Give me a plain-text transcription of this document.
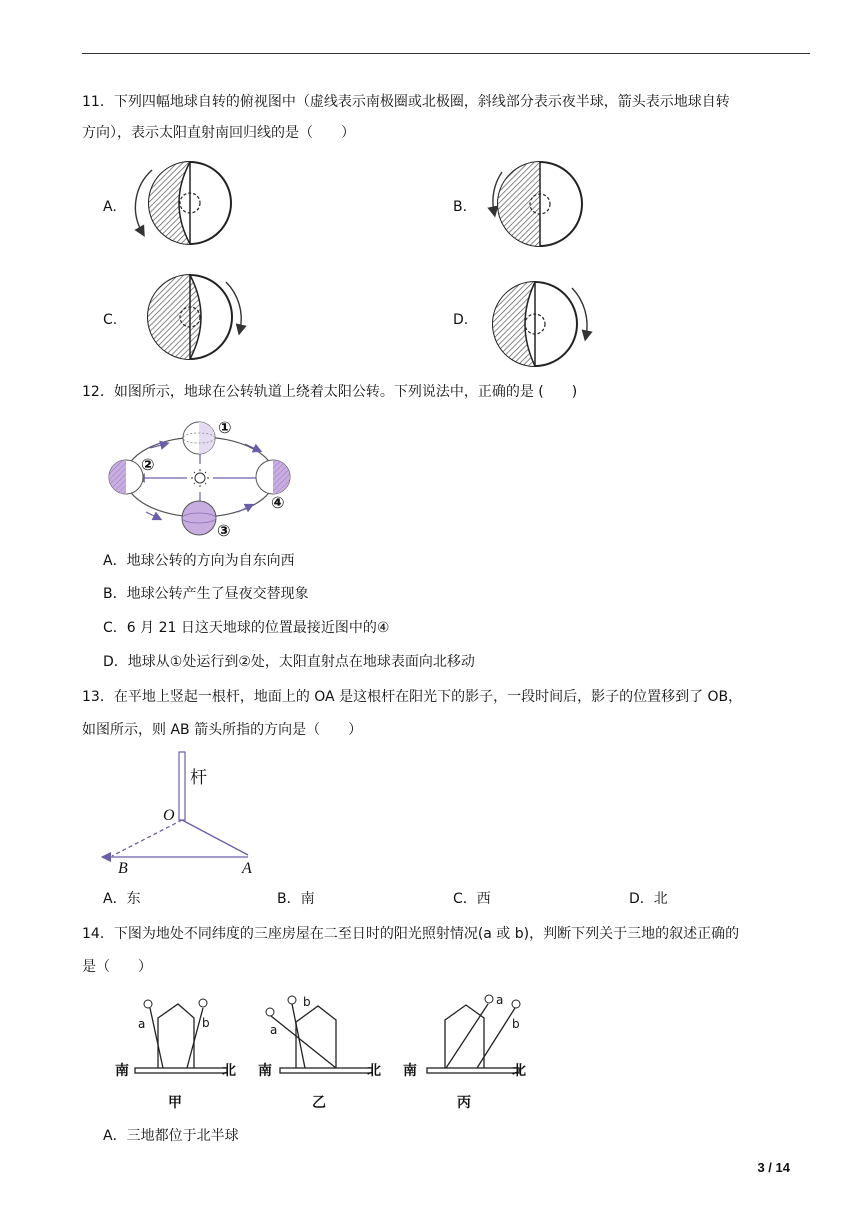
11．下列四幅地球自转的俯视图中（虚线表示南极圈或北极圈，斜线部分表示夜半球，箭头表示地球自转
方向），表示太阳直射南回归线的是（　　）
A.	B.
C.	D.
12．如图所示，地球在公转轨道上绕着太阳公转。下列说法中，正确的是 (　　)
①
②
③
④
A．地球公转的方向为自东向西
B．地球公转产生了昼夜交替现象
C．6 月 21 日这天地球的位置最接近图中的④
D．地球从①处运行到②处，太阳直射点在地球表面向北移动
13．在平地上竖起一根杆，地面上的 OA 是这根杆在阳光下的影子，一段时间后，影子的位置移到了 OB，
如图所示，则 AB 箭头所指的方向是（　　）
杆
O
A
B
A．东	B．南	C．西	D．北
14．下图为地处不同纬度的三座房屋在二至日时的阳光照射情况(a 或 b)，判断下列关于三地的叙述正确的
是（　　）
a	b	a
b	a
b
南	北 南	北 南	北
甲	乙	丙
A．三地都位于北半球
3 / 14
